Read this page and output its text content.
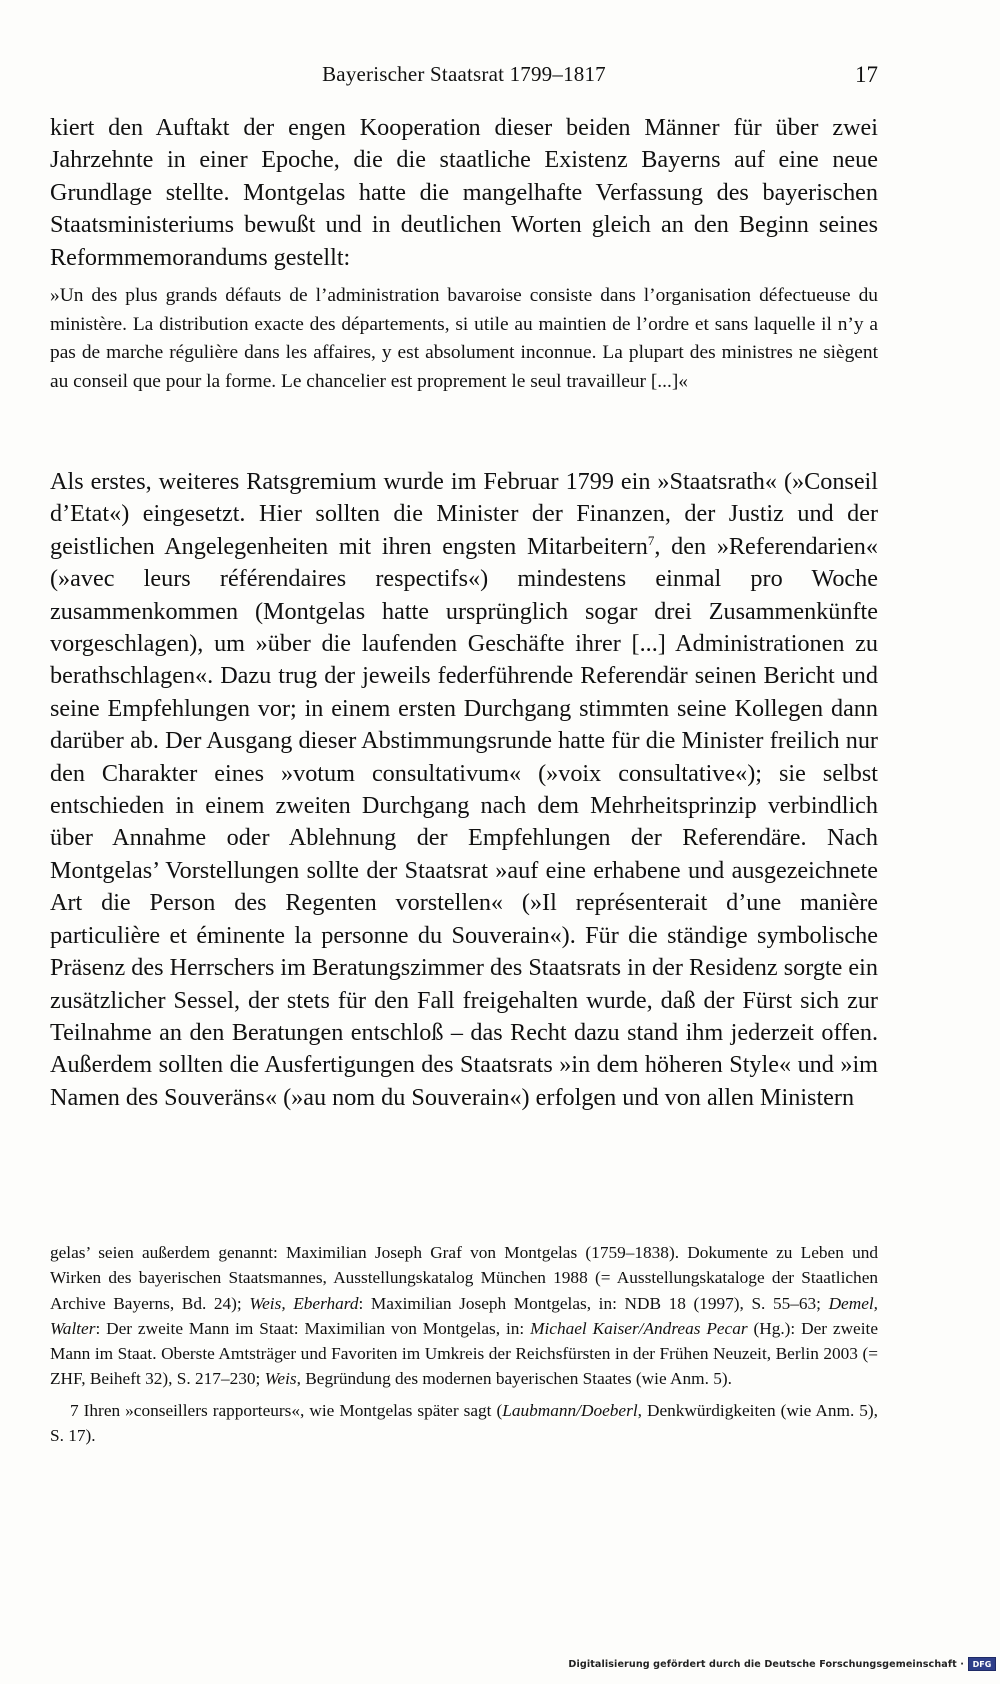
Bayerischer Staatsrat 1799–1817	17

kiert den Auftakt der engen Kooperation dieser beiden Männer für über zwei Jahrzehnte in einer Epoche, die die staatliche Existenz Bayerns auf eine neue Grundlage stellte. Montgelas hatte die mangelhafte Verfassung des bayerischen Staatsministeriums bewußt und in deutlichen Worten gleich an den Beginn seines Reformmemorandums gestellt:

»Un des plus grands défauts de l’administration bavaroise consiste dans l’organisation défectueuse du ministère. La distribution exacte des départements, si utile au maintien de l’ordre et sans laquelle il n’y a pas de marche régulière dans les affaires, y est absolument inconnue. La plupart des ministres ne siègent au conseil que pour la forme. Le chancelier est proprement le seul travailleur [...]«

Als erstes, weiteres Ratsgremium wurde im Februar 1799 ein »Staatsrath« (»Conseil d’Etat«) eingesetzt. Hier sollten die Minister der Finanzen, der Justiz und der geistlichen Angelegenheiten mit ihren engsten Mitarbeitern$^7$, den »Referendarien« (»avec leurs référendaires respectifs«) mindestens einmal pro Woche zusammenkommen (Montgelas hatte ursprünglich sogar drei Zusammenkünfte vorgeschlagen), um »über die laufenden Geschäfte ihrer [...] Administrationen zu berathschlagen«. Dazu trug der jeweils federführende Referendär seinen Bericht und seine Empfehlungen vor; in einem ersten Durchgang stimmten seine Kollegen dann darüber ab. Der Ausgang dieser Abstimmungsrunde hatte für die Minister freilich nur den Charakter eines »votum consultativum« (»voix consultative«); sie selbst entschieden in einem zweiten Durchgang nach dem Mehrheitsprinzip verbindlich über Annahme oder Ablehnung der Empfehlungen der Referendäre. Nach Montgelas’ Vorstellungen sollte der Staatsrat »auf eine erhabene und ausgezeichnete Art die Person des Regenten vorstellen« (»Il représenterait d’une manière particulière et éminente la personne du Souverain«). Für die ständige symbolische Präsenz des Herrschers im Beratungszimmer des Staatsrats in der Residenz sorgte ein zusätzlicher Sessel, der stets für den Fall freigehalten wurde, daß der Fürst sich zur Teilnahme an den Beratungen entschloß – das Recht dazu stand ihm jederzeit offen. Außerdem sollten die Ausfertigungen des Staatsrats »in dem höheren Style« und »im Namen des Souveräns« (»au nom du Souverain«) erfolgen und von allen Ministern

gelas’ seien außerdem genannt: Maximilian Joseph Graf von Montgelas (1759–1838). Dokumente zu Leben und Wirken des bayerischen Staatsmannes, Ausstellungskatalog München 1988 (= Ausstellungskataloge der Staatlichen Archive Bayerns, Bd. 24); Weis, Eberhard: Maximilian Joseph Montgelas, in: NDB 18 (1997), S. 55–63; Demel, Walter: Der zweite Mann im Staat: Maximilian von Montgelas, in: Michael Kaiser/Andreas Pecar (Hg.): Der zweite Mann im Staat. Oberste Amtsträger und Favoriten im Umkreis der Reichsfürsten in der Frühen Neuzeit, Berlin 2003 (= ZHF, Beiheft 32), S. 217–230; Weis, Begründung des modernen bayerischen Staates (wie Anm. 5).

7 Ihren »conseillers rapporteurs«, wie Montgelas später sagt (Laubmann/Doeberl, Denkwürdigkeiten (wie Anm. 5), S. 17).

Digitalisierung gefördert durch die Deutsche Forschungsgemeinschaft ·	DFG
